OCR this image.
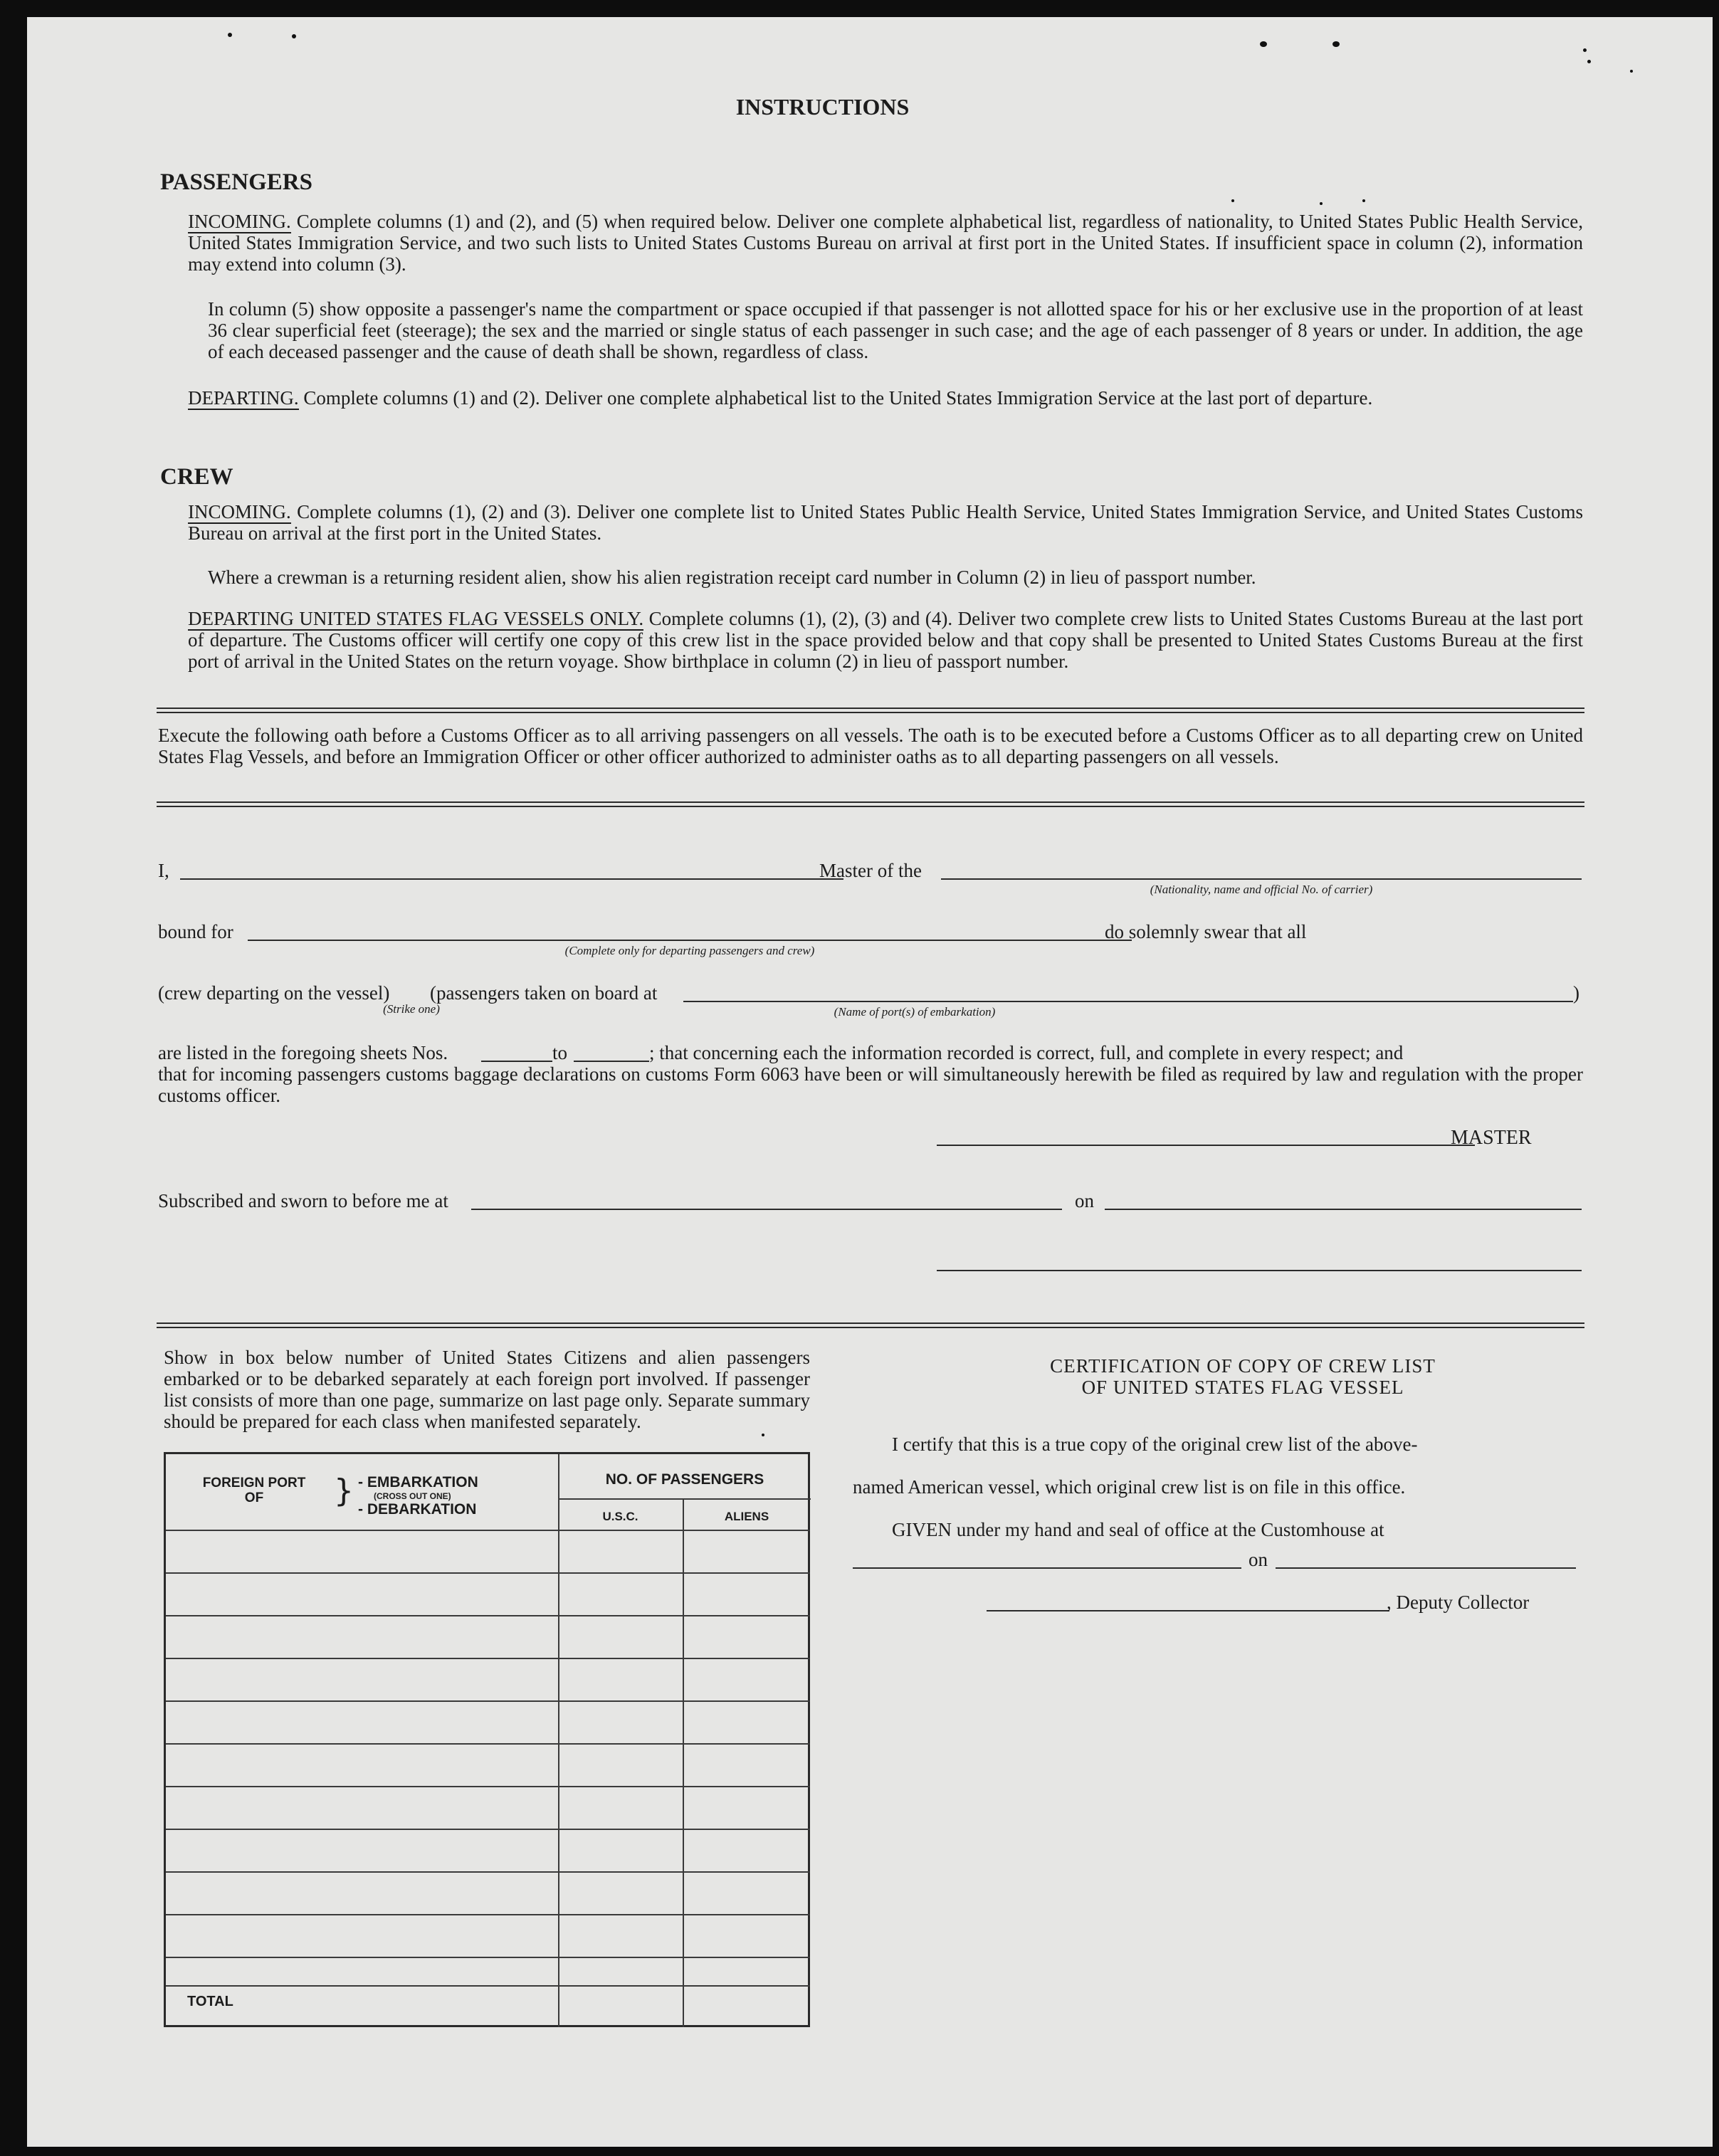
INSTRUCTIONS
PASSENGERS
INCOMING. Complete columns (1) and (2), and (5) when required below. Deliver one complete alphabetical list, regardless of nationality, to United States Public Health Service, United States Immigration Service, and two such lists to United States Customs Bureau on arrival at first port in the United States. If insufficient space in column (2), information may extend into column (3).
In column (5) show opposite a passenger's name the compartment or space occupied if that passenger is not allotted space for his or her exclusive use in the proportion of at least 36 clear superficial feet (steerage); the sex and the married or single status of each passenger in such case; and the age of each passenger of 8 years or under. In addition, the age of each deceased passenger and the cause of death shall be shown, regardless of class.
DEPARTING. Complete columns (1) and (2). Deliver one complete alphabetical list to the United States Immigration Service at the last port of departure.
CREW
INCOMING. Complete columns (1), (2) and (3). Deliver one complete list to United States Public Health Service, United States Immigration Service, and United States Customs Bureau on arrival at the first port in the United States.
Where a crewman is a returning resident alien, show his alien registration receipt card number in Column (2) in lieu of passport number.
DEPARTING UNITED STATES FLAG VESSELS ONLY. Complete columns (1), (2), (3) and (4). Deliver two complete crew lists to United States Customs Bureau at the last port of departure. The Customs officer will certify one copy of this crew list in the space provided below and that copy shall be presented to United States Customs Bureau at the first port of arrival in the United States on the return voyage. Show birthplace in column (2) in lieu of passport number.
Execute the following oath before a Customs Officer as to all arriving passengers on all vessels. The oath is to be executed before a Customs Officer as to all departing crew on United States Flag Vessels, and before an Immigration Officer or other officer authorized to administer oaths as to all departing passengers on all vessels.
I,	Master of the
(Nationality, name and official No. of carrier)
bound for
(Complete only for departing passengers and crew)
do solemnly swear that all
(crew departing on the vessel)
(Strike one)
(passengers taken on board at
(Name of port(s) of embarkation)
)
are listed in the foregoing sheets Nos.	to	; that concerning each the information recorded is correct, full, and complete in every respect; and
that for incoming passengers customs baggage declarations on customs Form 6063 have been or will simultaneously herewith be filed as required by law and regulation with the proper customs officer.
MASTER
Subscribed and sworn to before me at	on
Show in box below number of United States Citizens and alien passengers embarked or to be debarked separately at each foreign port involved. If passenger list consists of more than one page, summarize on last page only. Separate summary should be prepared for each class when manifested separately.
FOREIGN PORT OF	} - EMBARKATION
(CROSS OUT ONE)
- DEBARKATION
NO. OF PASSENGERS
U.S.C.	ALIENS
TOTAL
CERTIFICATION OF COPY OF CREW LIST
OF UNITED STATES FLAG VESSEL
I certify that this is a true copy of the original crew list of the above-
named American vessel, which original crew list is on file in this office.
GIVEN under my hand and seal of office at the Customhouse at
on
, Deputy Collector
